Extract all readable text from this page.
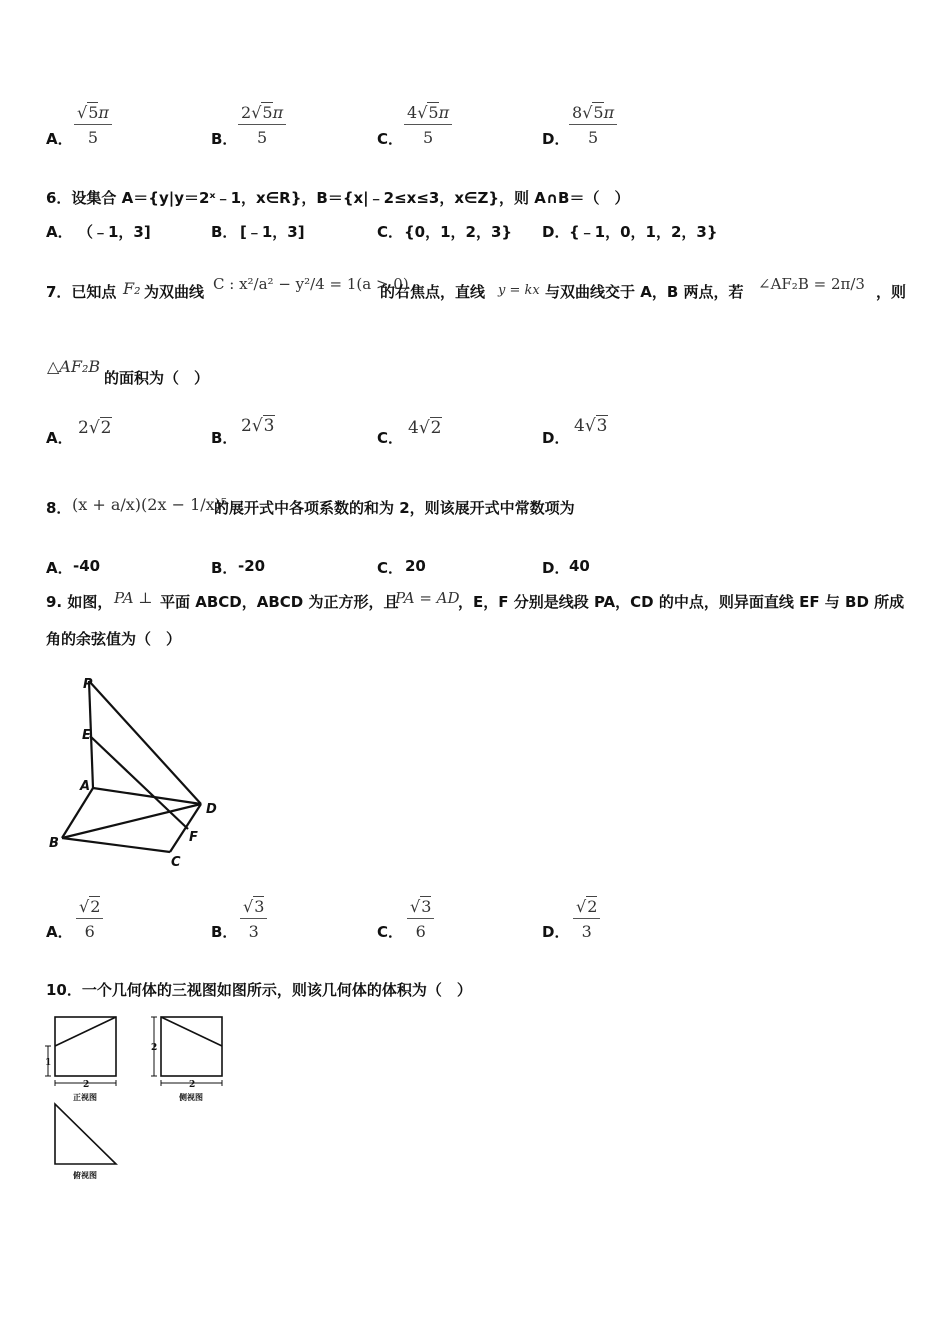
A． $\frac{√5\pi}{5}$	B． $\frac{2√5\pi}{5}$	C． $\frac{4√5\pi}{5}$	D． $\frac{8√5\pi}{5}$
6．设集合 A＝{y|y＝2ˣ﹣1，x∈R}，B＝{x|﹣2≤x≤3，x∈Z}，则 A∩B＝（　）
A． （﹣1，3]	B． [﹣1，3]	C． {0，1，2，3} D． {﹣1，0，1，2，3}
7．已知点 F₂ 为双曲线 C : x²/a² − y²/4 = 1(a > 0)
的右焦点，直线 y = kx 与双曲线交于 A，B 两点，若 ∠AF₂B = 2π/3 ，则
△AF₂B
的面积为（　）
A． 2√2	B．
2√3
C． 4√2	D．
4√3
8． (x + a/x)(2x − 1/x)⁵
的展开式中各项系数的和为 2，则该展开式中常数项为
A． -40	B． -20	C． 20	D． 40
9. 如图， PA ⊥ 平面 ABCD，ABCD 为正方形，且
PA = AD
，E，F 分别是线段 PA，CD 的中点，则异面直线 EF 与 BD 所成
角的余弦值为（　）
P
E
A
D
B	F
C
A． $\frac{√2}{6}$	B． $\frac{√3}{3}$	C． $\frac{√3}{6}$	D． $\frac{√2}{3}$
10．一个几何体的三视图如图所示，则该几何体的体积为（　）
1
2
2
2
正视图	侧视图
俯视图
